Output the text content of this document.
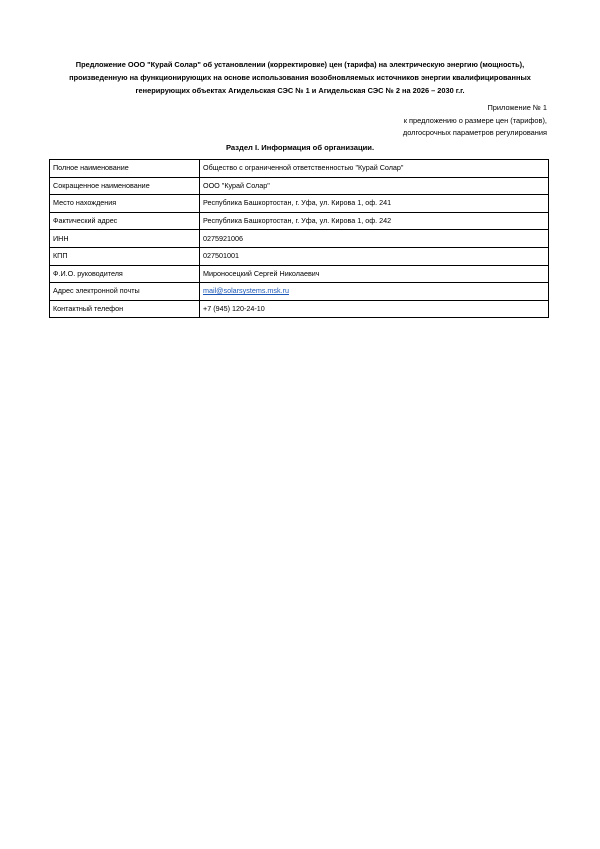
Предложение ООО "Курай Солар" об установлении (корректировке) цен (тарифа) на электрическую энергию (мощность),
произведенную на функционирующих на основе использования возобновляемых источников энергии квалифицированных
генерирующих объектах Агидельская СЭС № 1 и Агидельская СЭС № 2 на 2026 – 2030 г.г.
Приложение № 1
к предложению о размере цен (тарифов),
долгосрочных параметров регулирования
Раздел I. Информация об организации.
Полное наименование	Общество с ограниченной ответственностью "Курай Солар"
Сокращенное наименование	ООО "Курай Солар"
Место нахождения	Республика Башкортостан, г. Уфа, ул. Кирова 1, оф. 241
Фактический адрес	Республика Башкортостан, г. Уфа, ул. Кирова 1, оф. 242
ИНН	0275921006
КПП	027501001
Ф.И.О. руководителя	Мироносецкий Сергей Николаевич
Адрес электронной почты	mail@solarsystems.msk.ru
Контактный телефон	+7 (945) 120-24-10
